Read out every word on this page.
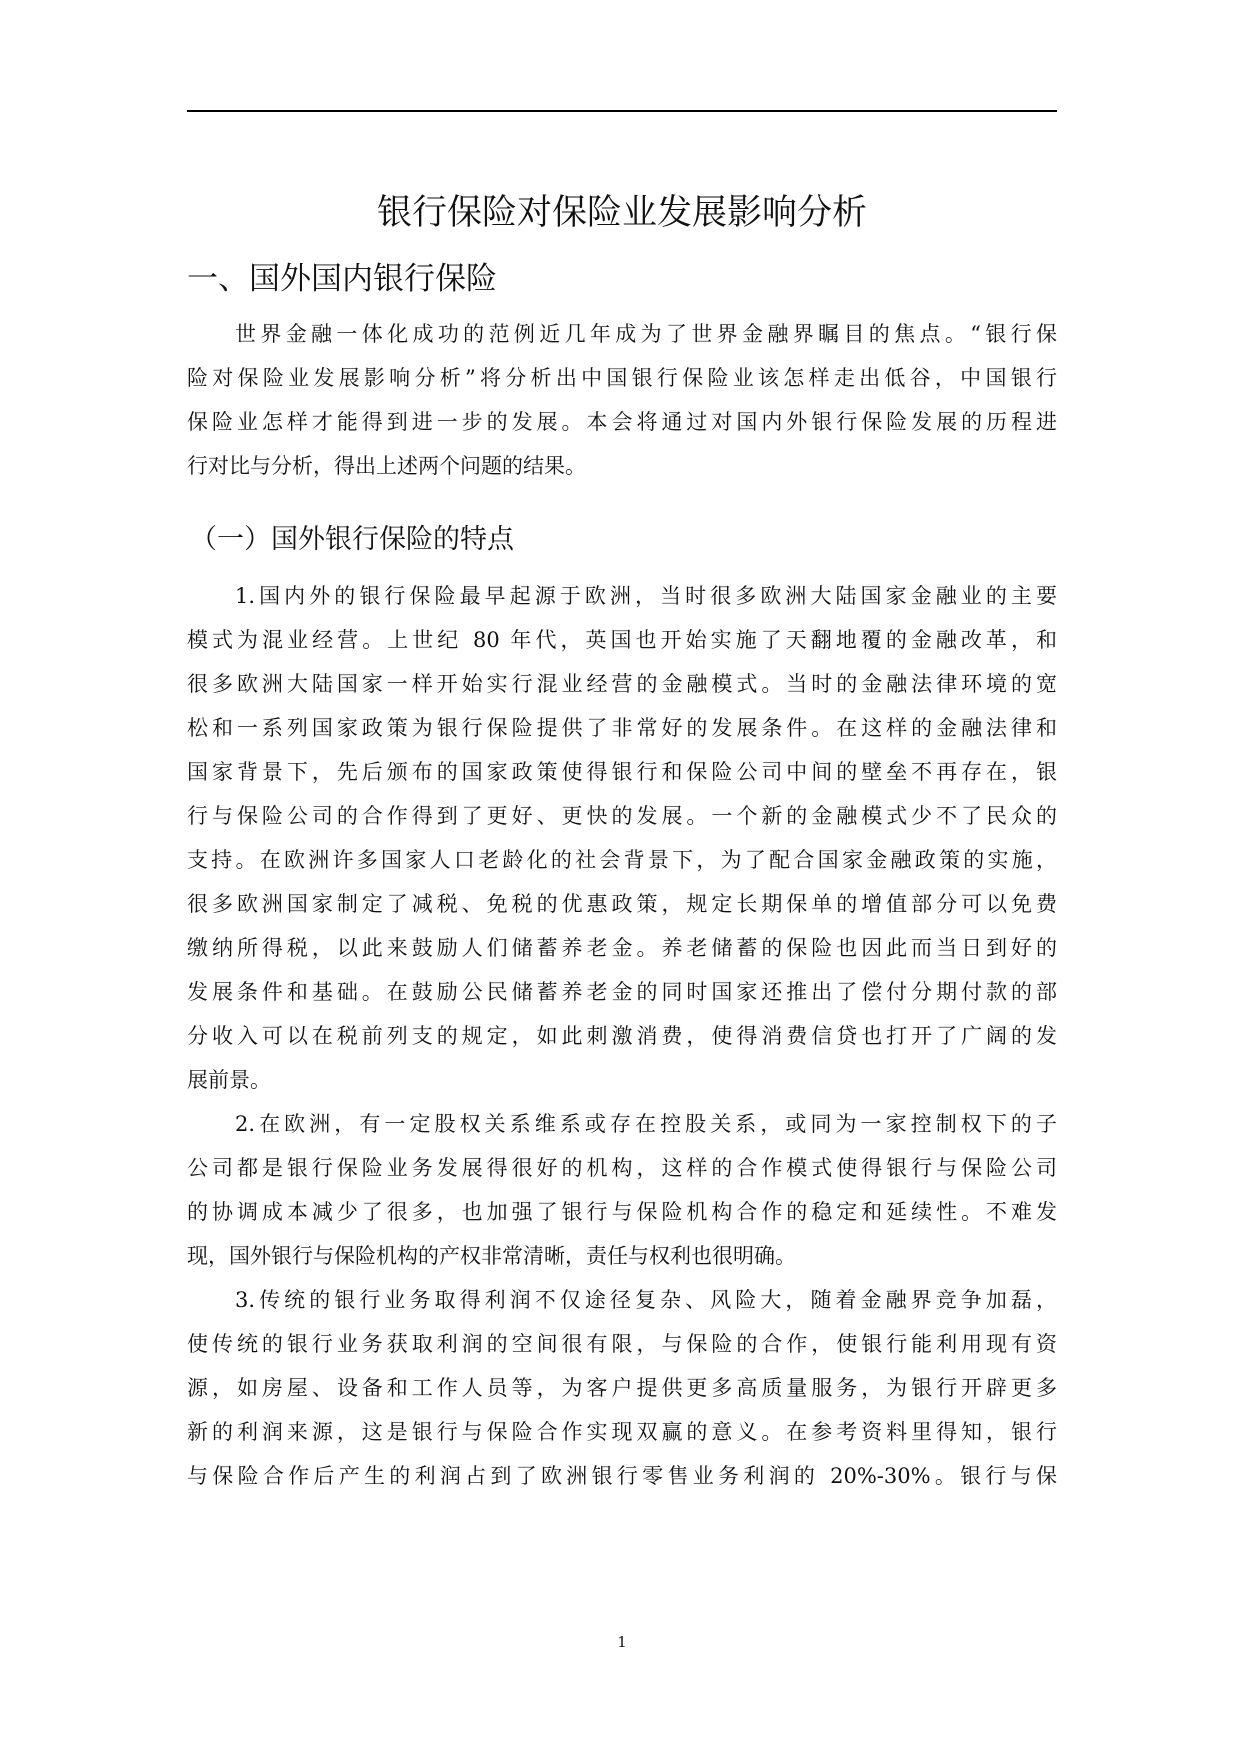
银行保险对保险业发展影响分析
一、国外国内银行保险
世界金融一体化成功的范例近几年成为了世界金融界瞩目的焦点。“银行保
险对保险业发展影响分析”将分析出中国银行保险业该怎样走出低谷，中国银行
保险业怎样才能得到进一步的发展。本会将通过对国内外银行保险发展的历程进
行对比与分析，得出上述两个问题的结果。
（一）国外银行保险的特点
1.国内外的银行保险最早起源于欧洲，当时很多欧洲大陆国家金融业的主要
模式为混业经营。上世纪 80 年代，英国也开始实施了天翻地覆的金融改革，和
很多欧洲大陆国家一样开始实行混业经营的金融模式。当时的金融法律环境的宽
松和一系列国家政策为银行保险提供了非常好的发展条件。在这样的金融法律和
国家背景下，先后颁布的国家政策使得银行和保险公司中间的壁垒不再存在，银
行与保险公司的合作得到了更好、更快的发展。一个新的金融模式少不了民众的
支持。在欧洲许多国家人口老龄化的社会背景下，为了配合国家金融政策的实施，
很多欧洲国家制定了减税、免税的优惠政策，规定长期保单的增值部分可以免费
缴纳所得税，以此来鼓励人们储蓄养老金。养老储蓄的保险也因此而当日到好的
发展条件和基础。在鼓励公民储蓄养老金的同时国家还推出了偿付分期付款的部
分收入可以在税前列支的规定，如此刺激消费，使得消费信贷也打开了广阔的发
展前景。
2.在欧洲，有一定股权关系维系或存在控股关系，或同为一家控制权下的子
公司都是银行保险业务发展得很好的机构，这样的合作模式使得银行与保险公司
的协调成本减少了很多，也加强了银行与保险机构合作的稳定和延续性。不难发
现，国外银行与保险机构的产权非常清晰，责任与权利也很明确。
3.传统的银行业务取得利润不仅途径复杂、风险大，随着金融界竞争加磊，
使传统的银行业务获取利润的空间很有限，与保险的合作，使银行能利用现有资
源，如房屋、设备和工作人员等，为客户提供更多高质量服务，为银行开辟更多
新的利润来源，这是银行与保险合作实现双赢的意义。在参考资料里得知，银行
与保险合作后产生的利润占到了欧洲银行零售业务利润的 20%-30%。银行与保
1
